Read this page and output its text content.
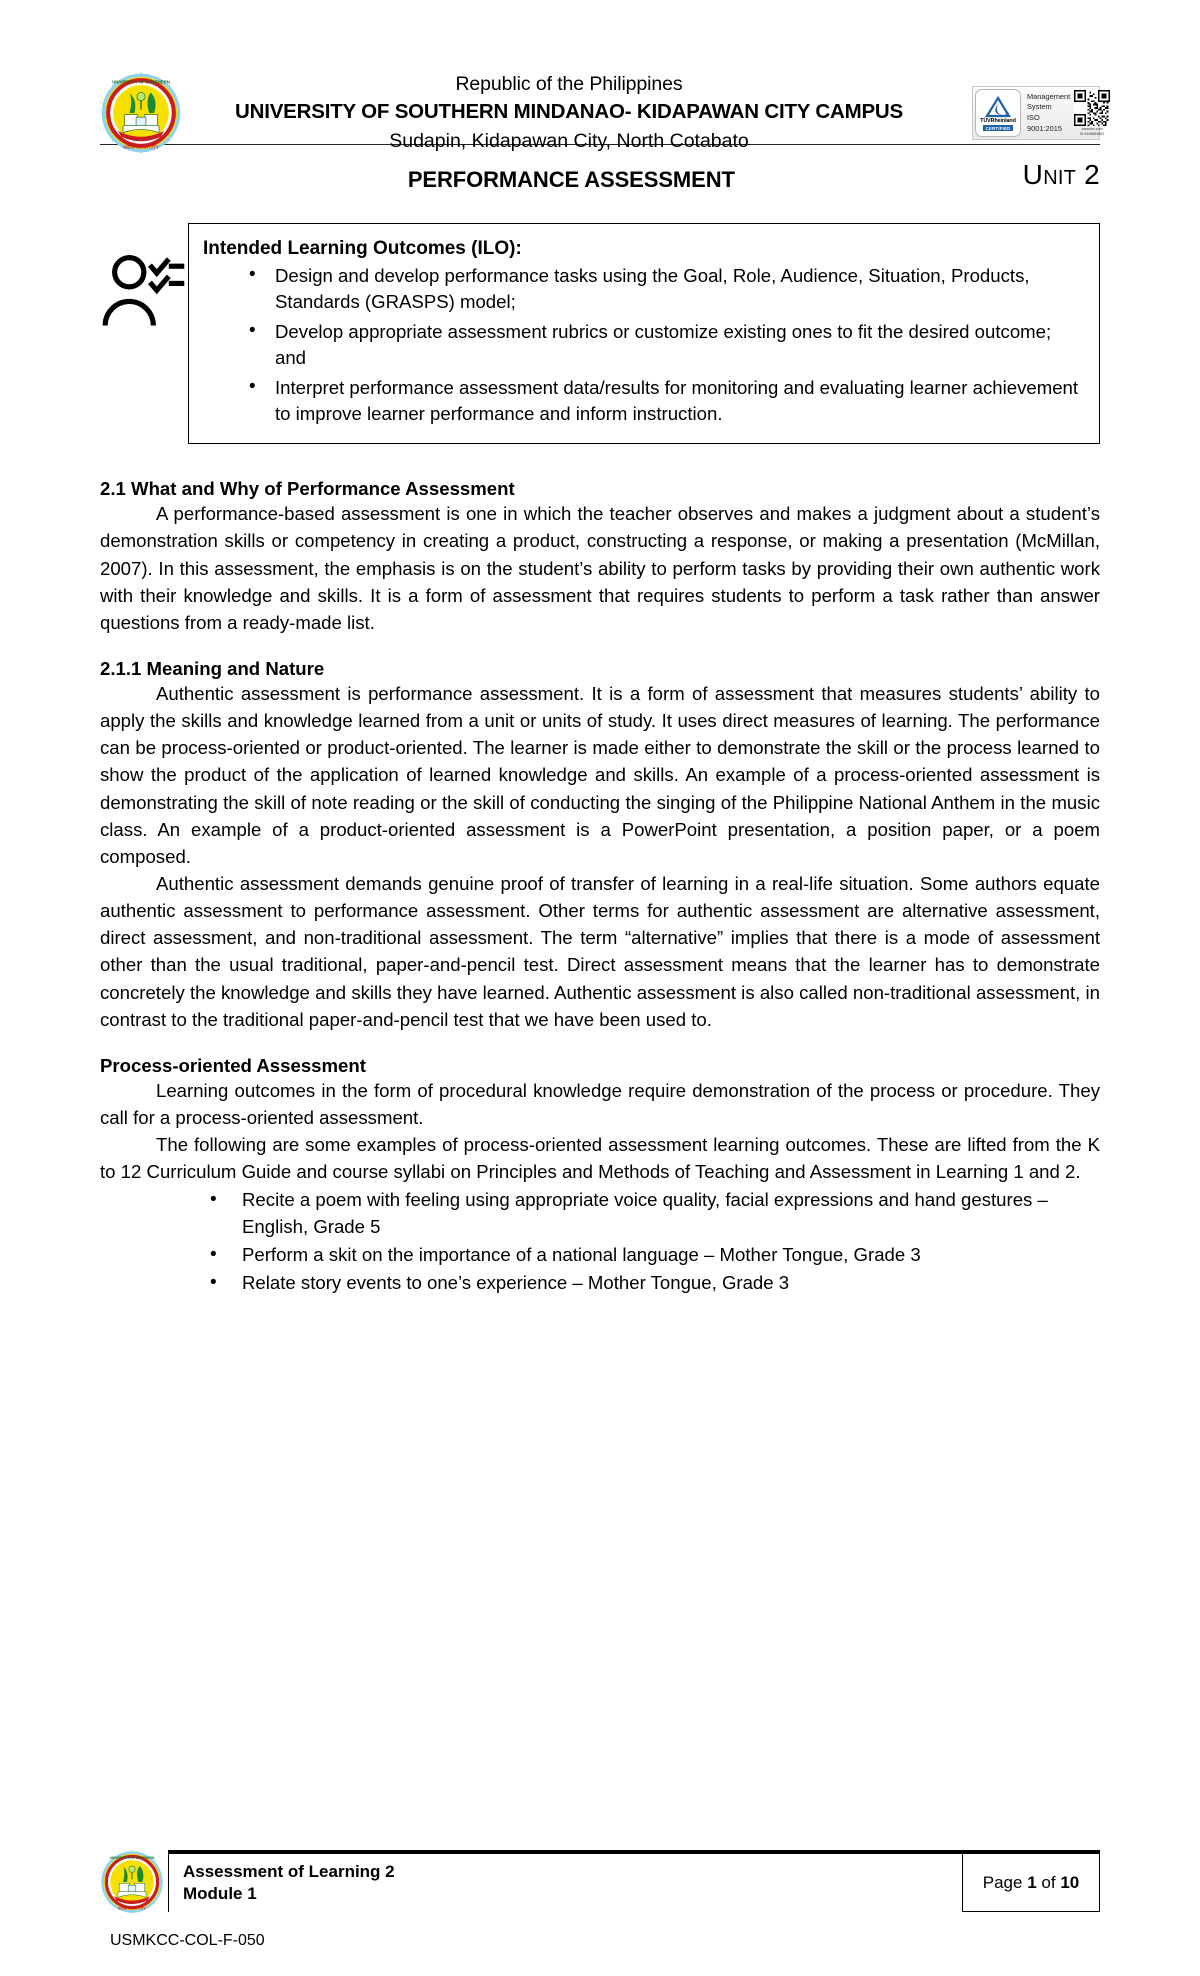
UNIVERSITY OF SOUTHERN
KIDAPAWAN CITY
Republic of the Philippines
UNIVERSITY OF SOUTHERN MINDANAO- KIDAPAWAN CITY CAMPUS
Sudapin, Kidapawan City, North Cotabato
TÜVRheinland
CERTIFIED
Management
System
ISO 9001:2015	www.tuv.com
ID 9108854667
PERFORMANCE ASSESSMENT	UNIT 2

Intended Learning Outcomes (ILO):

• Design and develop performance tasks using the Goal, Role, Audience, Situation, Products, Standards (GRASPS) model;
• Develop appropriate assessment rubrics or customize existing ones to fit the desired outcome; and
• Interpret performance assessment data/results for monitoring and evaluating learner achievement to improve learner performance and inform instruction.

2.1 What and Why of Performance Assessment

A performance-based assessment is one in which the teacher observes and makes a judgment about a student’s demonstration skills or competency in creating a product, constructing a response, or making a presentation (McMillan, 2007). In this assessment, the emphasis is on the student’s ability to perform tasks by providing their own authentic work with their knowledge and skills. It is a form of assessment that requires students to perform a task rather than answer questions from a ready-made list.

2.1.1 Meaning and Nature

Authentic assessment is performance assessment. It is a form of assessment that measures students’ ability to apply the skills and knowledge learned from a unit or units of study. It uses direct measures of learning. The performance can be process-oriented or product-oriented. The learner is made either to demonstrate the skill or the process learned to show the product of the application of learned knowledge and skills. An example of a process-oriented assessment is demonstrating the skill of note reading or the skill of conducting the singing of the Philippine National Anthem in the music class. An example of a product-oriented assessment is a PowerPoint presentation, a position paper, or a poem composed.

Authentic assessment demands genuine proof of transfer of learning in a real-life situation. Some authors equate authentic assessment to performance assessment. Other terms for authentic assessment are alternative assessment, direct assessment, and non-traditional assessment. The term “alternative” implies that there is a mode of assessment other than the usual traditional, paper-and-pencil test. Direct assessment means that the learner has to demonstrate concretely the knowledge and skills they have learned. Authentic assessment is also called non-traditional assessment, in contrast to the traditional paper-and-pencil test that we have been used to.

Process-oriented Assessment

Learning outcomes in the form of procedural knowledge require demonstration of the process or procedure. They call for a process-oriented assessment.

The following are some examples of process-oriented assessment learning outcomes. These are lifted from the K to 12 Curriculum Guide and course syllabi on Principles and Methods of Teaching and Assessment in Learning 1 and 2.

• Recite a poem with feeling using appropriate voice quality, facial expressions and hand gestures – English, Grade 5
• Perform a skit on the importance of a national language – Mother Tongue, Grade 3
• Relate story events to one’s experience – Mother Tongue, Grade 3
UNIVERSITY OF SOUTHERN
KIDAPAWAN CITY
Assessment of Learning 2
Module 1
Page
1
of
10
USMKCC-COL-F-050
